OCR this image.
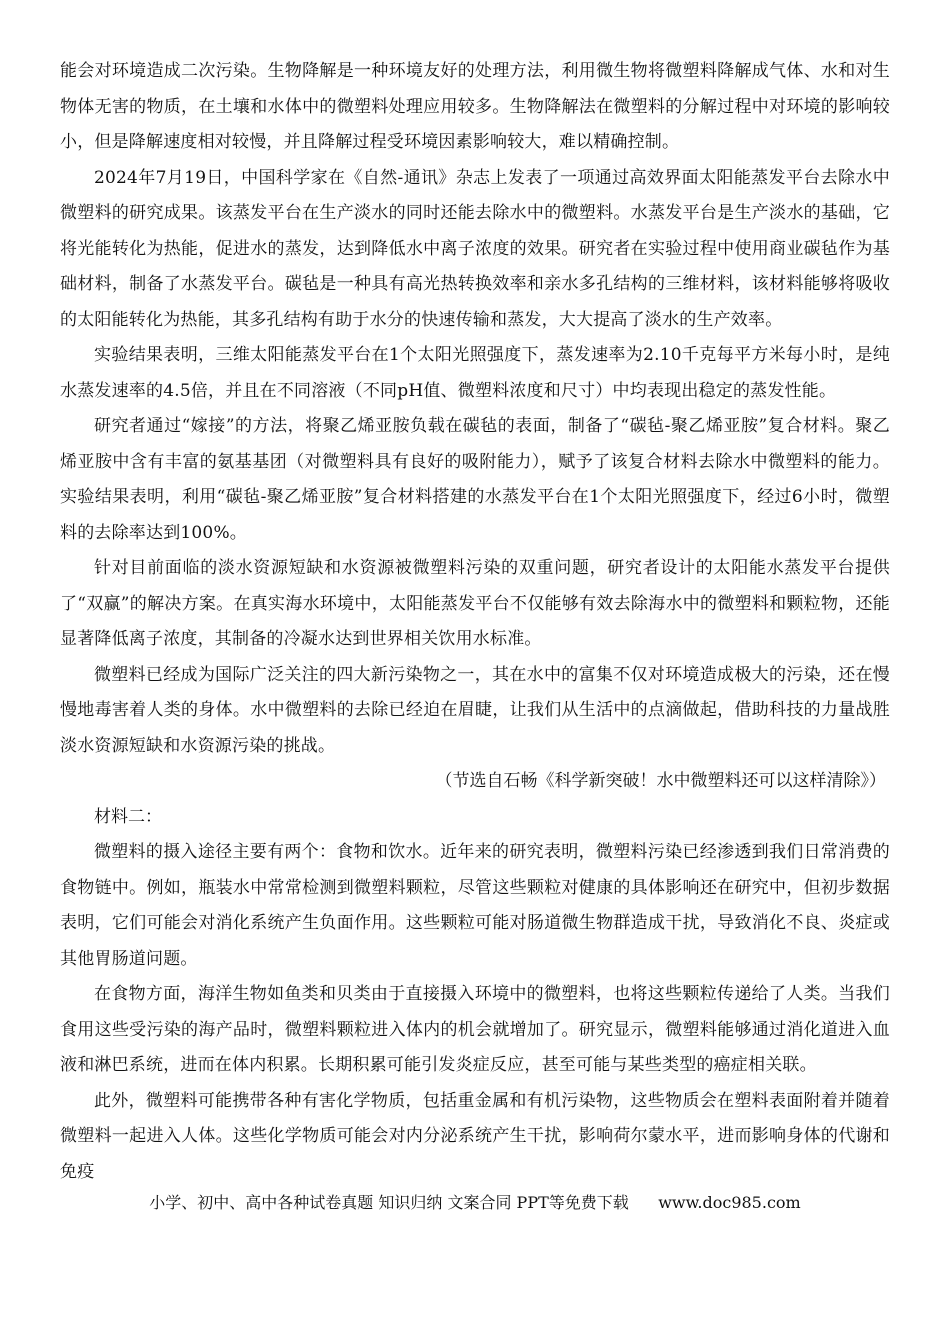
能会对环境造成二次污染。生物降解是一种环境友好的处理方法，利用微生物将微塑料降解成气体、水和对生物体无害的物质，在土壤和水体中的微塑料处理应用较多。生物降解法在微塑料的分解过程中对环境的影响较小，但是降解速度相对较慢，并且降解过程受环境因素影响较大，难以精确控制。

2024年7月19日，中国科学家在《自然-通讯》杂志上发表了一项通过高效界面太阳能蒸发平台去除水中微塑料的研究成果。该蒸发平台在生产淡水的同时还能去除水中的微塑料。水蒸发平台是生产淡水的基础，它将光能转化为热能，促进水的蒸发，达到降低水中离子浓度的效果。研究者在实验过程中使用商业碳毡作为基础材料，制备了水蒸发平台。碳毡是一种具有高光热转换效率和亲水多孔结构的三维材料，该材料能够将吸收的太阳能转化为热能，其多孔结构有助于水分的快速传输和蒸发，大大提高了淡水的生产效率。

实验结果表明，三维太阳能蒸发平台在1个太阳光照强度下，蒸发速率为2.10千克每平方米每小时，是纯水蒸发速率的4.5倍，并且在不同溶液（不同pH值、微塑料浓度和尺寸）中均表现出稳定的蒸发性能。

研究者通过“嫁接”的方法，将聚乙烯亚胺负载在碳毡的表面，制备了“碳毡-聚乙烯亚胺”复合材料。聚乙烯亚胺中含有丰富的氨基基团（对微塑料具有良好的吸附能力），赋予了该复合材料去除水中微塑料的能力。实验结果表明，利用“碳毡-聚乙烯亚胺”复合材料搭建的水蒸发平台在1个太阳光照强度下，经过6小时，微塑料的去除率达到100%。

针对目前面临的淡水资源短缺和水资源被微塑料污染的双重问题，研究者设计的太阳能水蒸发平台提供了“双赢”的解决方案。在真实海水环境中，太阳能蒸发平台不仅能够有效去除海水中的微塑料和颗粒物，还能显著降低离子浓度，其制备的冷凝水达到世界相关饮用水标准。

微塑料已经成为国际广泛关注的四大新污染物之一，其在水中的富集不仅对环境造成极大的污染，还在慢慢地毒害着人类的身体。水中微塑料的去除已经迫在眉睫，让我们从生活中的点滴做起，借助科技的力量战胜淡水资源短缺和水资源污染的挑战。

（节选自石畅《科学新突破！水中微塑料还可以这样清除》）

材料二：

微塑料的摄入途径主要有两个：食物和饮水。近年来的研究表明，微塑料污染已经渗透到我们日常消费的食物链中。例如，瓶装水中常常检测到微塑料颗粒，尽管这些颗粒对健康的具体影响还在研究中，但初步数据表明，它们可能会对消化系统产生负面作用。这些颗粒可能对肠道微生物群造成干扰，导致消化不良、炎症或其他胃肠道问题。

在食物方面，海洋生物如鱼类和贝类由于直接摄入环境中的微塑料，也将这些颗粒传递给了人类。当我们食用这些受污染的海产品时，微塑料颗粒进入体内的机会就增加了。研究显示，微塑料能够通过消化道进入血液和淋巴系统，进而在体内积累。长期积累可能引发炎症反应，甚至可能与某些类型的癌症相关联。

此外，微塑料可能携带各种有害化学物质，包括重金属和有机污染物，这些物质会在塑料表面附着并随着微塑料一起进入人体。这些化学物质可能会对内分泌系统产生干扰，影响荷尔蒙水平，进而影响身体的代谢和免疫

小学、初中、高中各种试卷真题 知识归纳 文案合同 PPT等免费下载 www.doc985.com
